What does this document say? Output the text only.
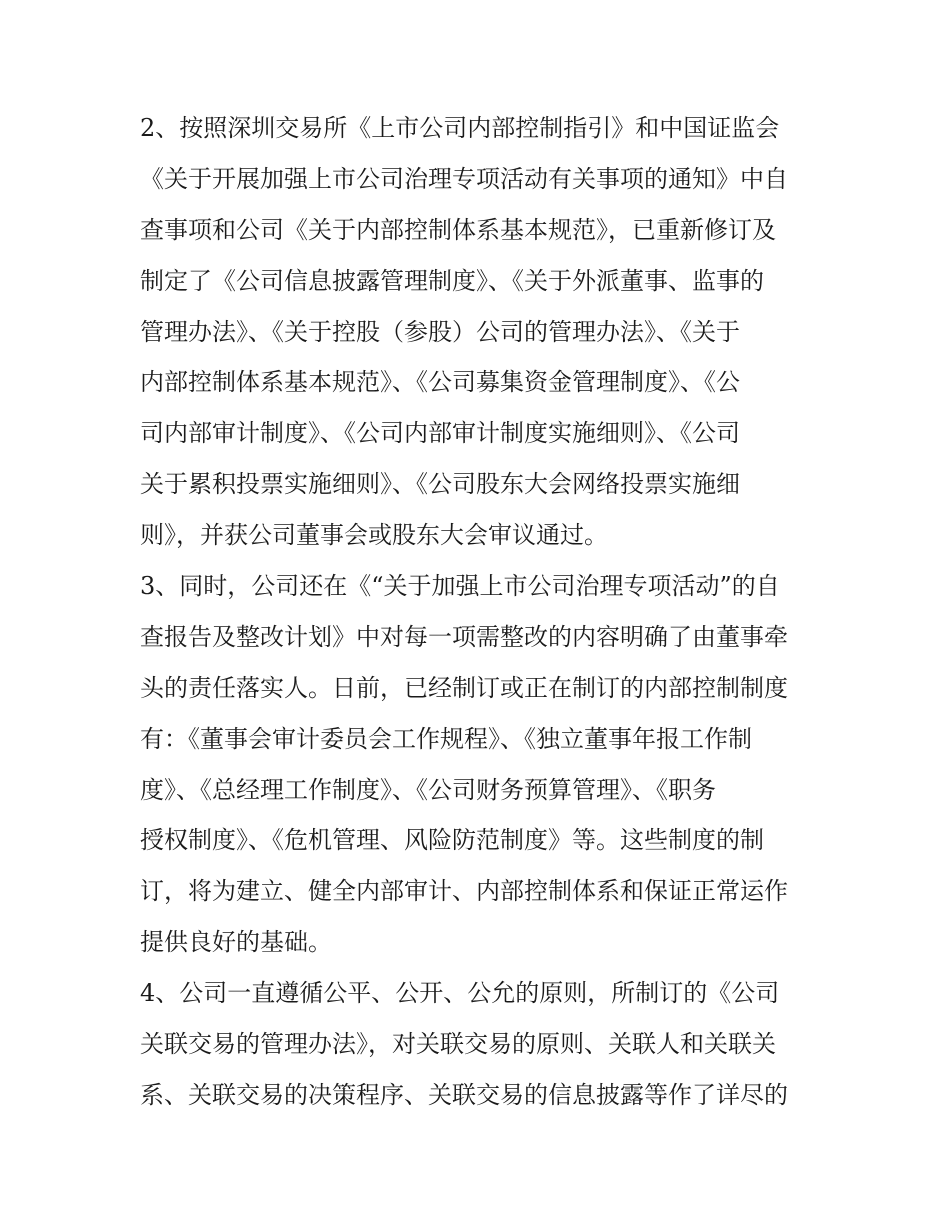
2、按照深圳交易所《上市公司内部控制指引》和中国证监会
《关于开展加强上市公司治理专项活动有关事项的通知》中自
查事项和公司《关于内部控制体系基本规范》，已重新修订及
制定了《公司信息披露管理制度》、《关于外派董事、监事的
管理办法》、《关于控股（参股）公司的管理办法》、《关于
内部控制体系基本规范》、《公司募集资金管理制度》、《公
司内部审计制度》、《公司内部审计制度实施细则》、《公司
关于累积投票实施细则》、《公司股东大会网络投票实施细
则》，并获公司董事会或股东大会审议通过。
3、同时，公司还在《“关于加强上市公司治理专项活动”的自
查报告及整改计划》中对每一项需整改的内容明确了由董事牵
头的责任落实人。日前，已经制订或正在制订的内部控制制度
有：《董事会审计委员会工作规程》、《独立董事年报工作制
度》、《总经理工作制度》、《公司财务预算管理》、《职务
授权制度》、《危机管理、风险防范制度》等。这些制度的制
订，将为建立、健全内部审计、内部控制体系和保证正常运作
提供良好的基础。
4、公司一直遵循公平、公开、公允的原则，所制订的《公司
关联交易的管理办法》，对关联交易的原则、关联人和关联关
系、关联交易的决策程序、关联交易的信息披露等作了详尽的
